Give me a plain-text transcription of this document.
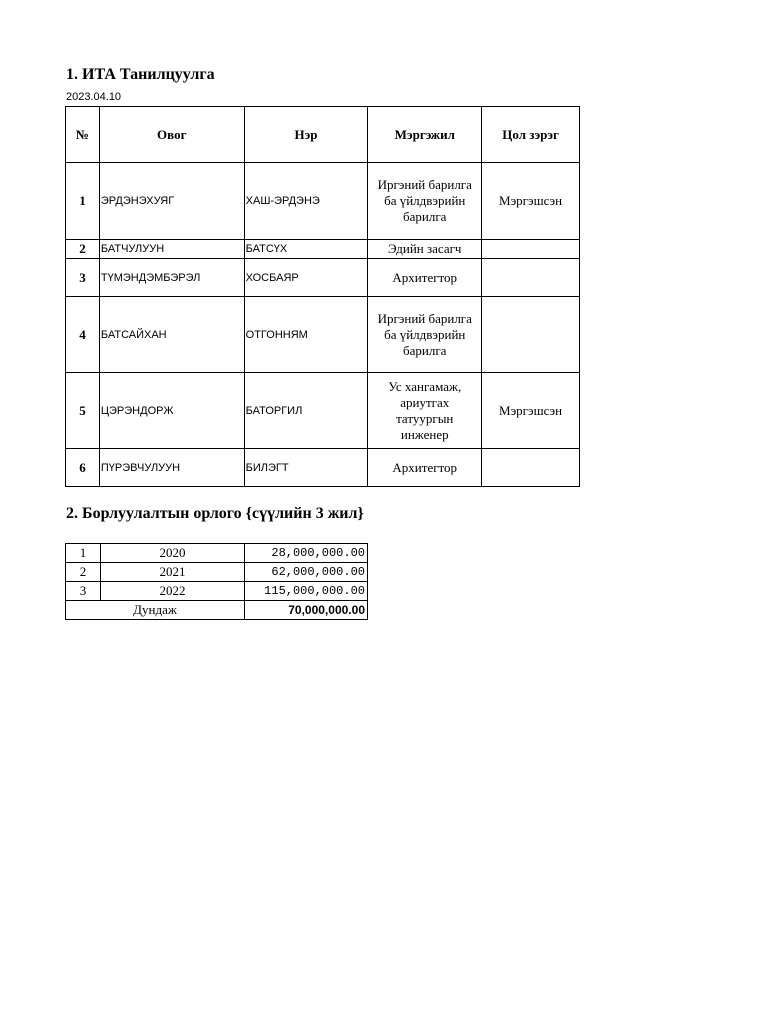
1. ИТА Танилцуулга
2023.04.10
№	Овог	Нэр	Мэргэжил	Цол зэрэг
1	ЭРДЭНЭХУЯГ	ХАШ-ЭРДЭНЭ	Иргэний барилга ба үйлдвэрийн барилга	Мэргэшсэн
2	БАТЧУЛУУН	БАТСҮХ	Эдийн засагч	
3	ТҮМЭНДЭМБЭРЭЛ	ХОСБАЯР	Архитегтор	
4	БАТСАЙХАН	ОТГОННЯМ	Иргэний барилга ба үйлдвэрийн барилга	
5	ЦЭРЭНДОРЖ	БАТОРГИЛ	Ус хангамаж, ариутгах татуургын инженер	Мэргэшсэн
6	ПҮРЭВЧУЛУУН	БИЛЭГТ	Архитегтор	
2. Борлуулалтын орлого {сүүлийн 3 жил}
1	2020	28,000,000.00
2	2021	62,000,000.00
3	2022	115,000,000.00
Дундаж		70,000,000.00
